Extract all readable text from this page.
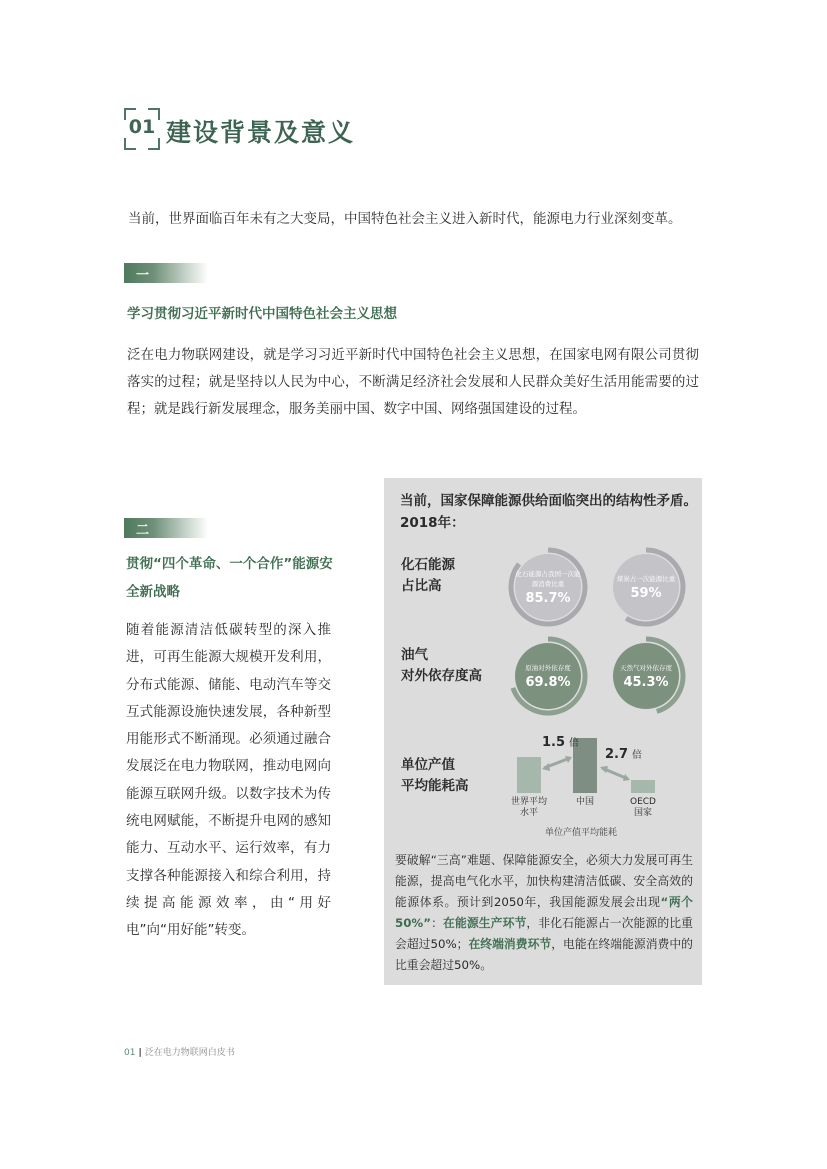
01 建设背景及意义
当前，世界面临百年未有之大变局，中国特色社会主义进入新时代，能源电力行业深刻变革。
一
学习贯彻习近平新时代中国特色社会主义思想
泛在电力物联网建设，就是学习习近平新时代中国特色社会主义思想，在国家电网有限公司贯彻落实的过程；就是坚持以人民为中心，不断满足经济社会发展和人民群众美好生活用能需要的过程；就是践行新发展理念，服务美丽中国、数字中国、网络强国建设的过程。
二
贯彻“四个革命、一个合作”能源安全新战略
随着能源清洁低碳转型的深入推进，可再生能源大规模开发利用，分布式能源、储能、电动汽车等交互式能源设施快速发展，各种新型用能形式不断涌现。必须通过融合发展泛在电力物联网，推动电网向能源互联网升级。以数字技术为传统电网赋能，不断提升电网的感知能力、互动水平、运行效率，有力支撑各种能源接入和综合利用，持续提高能源效率，由“用好电”向“用好能”转变。
当前，国家保障能源供给面临突出的结构性矛盾。2018年：
化石能源
占比高
油气
对外依存度高
单位产值
平均能耗高
化石能源占我国一次能源消费比重
85.7%
煤炭占一次能源比重
59%
原油对外依存度
69.8%
天然气对外依存度
45.3%
1.5 倍
2.7 倍
世界平均
水平
中国	OECD
国家
单位产值平均能耗
要破解“三高”难题、保障能源安全，必须大力发展可再生能源，提高电气化水平，加快构建清洁低碳、安全高效的能源体系。预计到2050年，我国能源发展会出现“两个50%”：在能源生产环节，非化石能源占一次能源的比重会超过50%；在终端消费环节，电能在终端能源消费中的比重会超过50%。
01 | 泛在电力物联网白皮书
